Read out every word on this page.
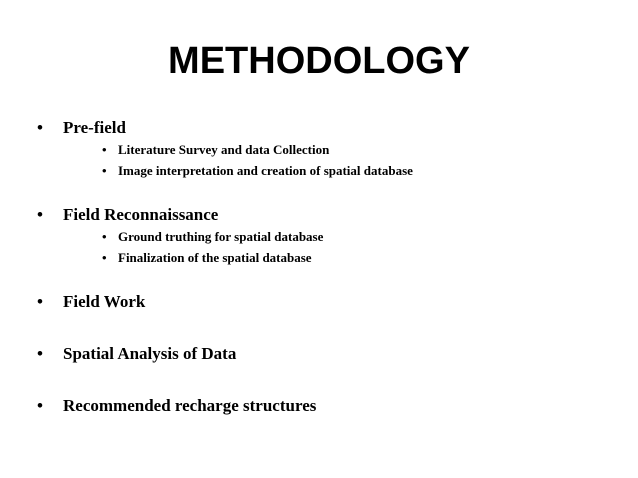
METHODOLOGY
• Pre-field
• Literature Survey and data Collection
• Image interpretation and creation of spatial database
• Field Reconnaissance
• Ground truthing for spatial database
• Finalization of the spatial database
• Field Work
• Spatial Analysis of Data
• Recommended recharge structures
